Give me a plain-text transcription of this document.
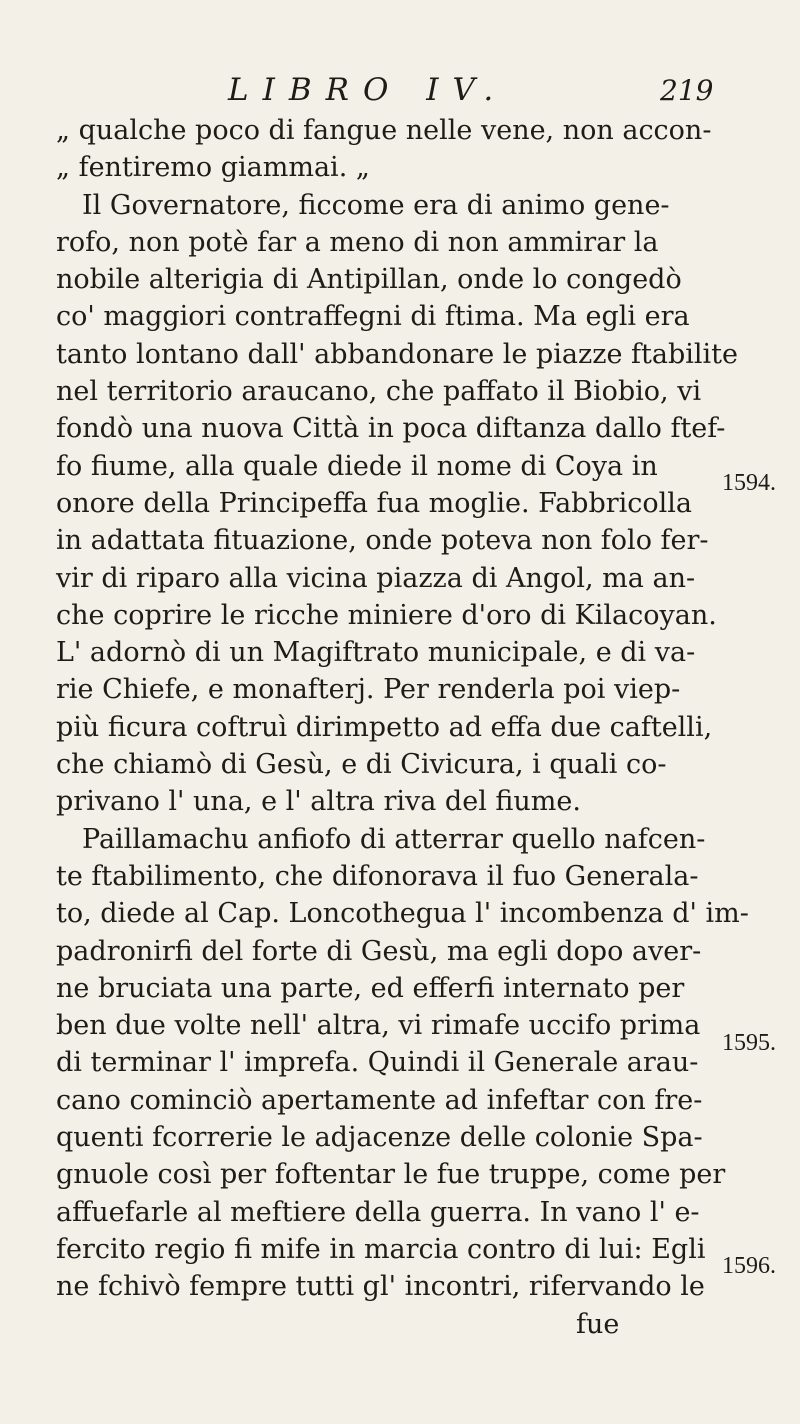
LIBRO IV.	219
„ qualche poco di fangue nelle vene, non accon-
„ fentiremo giammai. „
Il Governatore, ficcome era di animo gene-
rofo, non potè far a meno di non ammirar la
nobile alterigia di Antipillan, onde lo congedò
co' maggiori contraffegni di ftima. Ma egli era
tanto lontano dall' abbandonare le piazze ftabilite
nel territorio araucano, che paffato il Biobio, vi
fondò una nuova Città in poca diftanza dallo ftef-
fo fiume, alla quale diede il nome di Coya in
onore della Principeffa fua moglie. Fabbricolla
in adattata fituazione, onde poteva non folo fer-
vir di riparo alla vicina piazza di Angol, ma an-
che coprire le ricche miniere d'oro di Kilacoyan.
L' adornò di un Magiftrato municipale, e di va-
rie Chiefe, e monafterj. Per renderla poi viep-
più ficura coftruì dirimpetto ad effa due caftelli,
che chiamò di Gesù, e di Civicura, i quali co-
privano l' una, e l' altra riva del fiume.
Paillamachu anfiofo di atterrar quello nafcen-
te ftabilimento, che difonorava il fuo Generala-
to, diede al Cap. Loncothegua l' incombenza d' im-
padronirfi del forte di Gesù, ma egli dopo aver-
ne bruciata una parte, ed efferfi internato per
ben due volte nell' altra, vi rimafe uccifo prima
di terminar l' imprefa. Quindi il Generale arau-
cano cominciò apertamente ad infeftar con fre-
quenti fcorrerie le adjacenze delle colonie Spa-
gnuole così per foftentar le fue truppe, come per
affuefarle al meftiere della guerra. In vano l' e-
fercito regio fi mife in marcia contro di lui: Egli
ne fchivò fempre tutti gl' incontri, rifervando le
fue
1594.
1595.
1596.
